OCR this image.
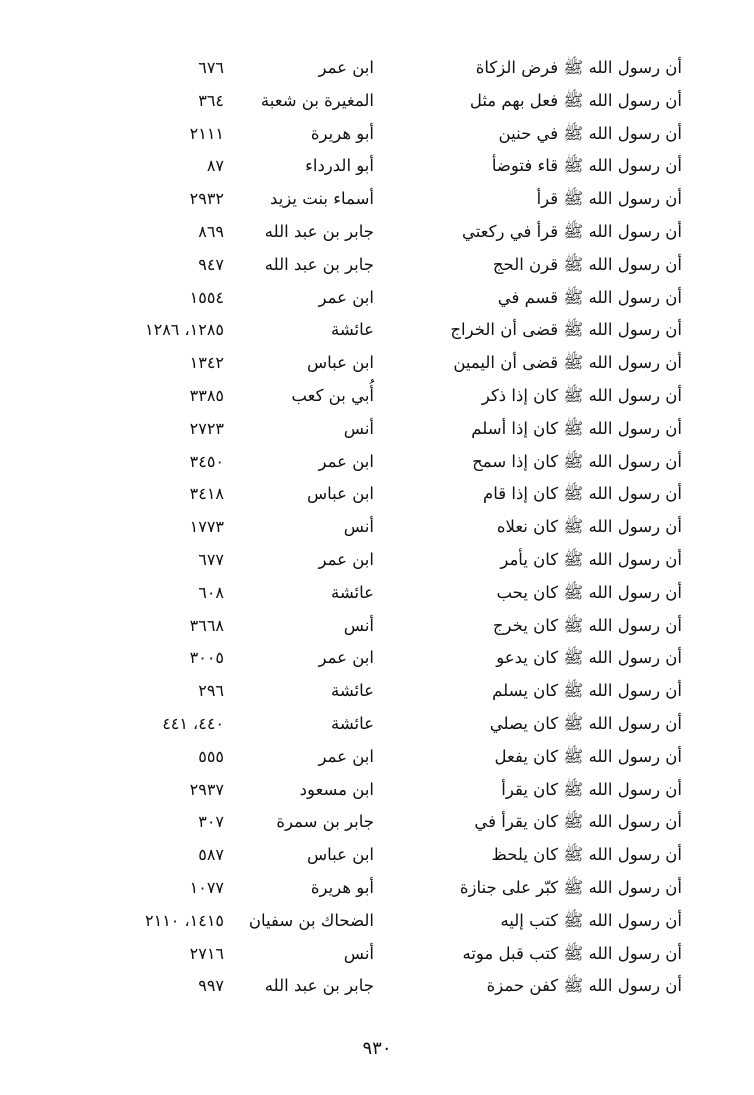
أن رسول الله ﷺ فرض الزكاة
ابن عمر
٦٧٦
أن رسول الله ﷺ فعل بهم مثل
المغيرة بن شعبة
٣٦٤
أن رسول الله ﷺ في حنين
أبو هريرة
٢١١١
أن رسول الله ﷺ قاء فتوضأ
أبو الدرداء
٨٧
أن رسول الله ﷺ قرأ
أسماء بنت يزيد
٢٩٣٢
أن رسول الله ﷺ قرأ في ركعتي
جابر بن عبد الله
٨٦٩
أن رسول الله ﷺ قرن الحج
جابر بن عبد الله
٩٤٧
أن رسول الله ﷺ قسم في
ابن عمر
١٥٥٤
أن رسول الله ﷺ قضى أن الخراج
عائشة
١٢٨٥، ١٢٨٦
أن رسول الله ﷺ قضى أن اليمين
ابن عباس
١٣٤٢
أن رسول الله ﷺ كان إذا ذكر
أُبي بن كعب
٣٣٨٥
أن رسول الله ﷺ كان إذا أسلم
أنس
٢٧٢٣
أن رسول الله ﷺ كان إذا سمح
ابن عمر
٣٤٥٠
أن رسول الله ﷺ كان إذا قام
ابن عباس
٣٤١٨
أن رسول الله ﷺ كان نعلاه
أنس
١٧٧٣
أن رسول الله ﷺ كان يأمر
ابن عمر
٦٧٧
أن رسول الله ﷺ كان يحب
عائشة
٦٠٨
أن رسول الله ﷺ كان يخرج
أنس
٣٦٦٨
أن رسول الله ﷺ كان يدعو
ابن عمر
٣٠٠٥
أن رسول الله ﷺ كان يسلم
عائشة
٢٩٦
أن رسول الله ﷺ كان يصلي
عائشة
٤٤٠، ٤٤١
أن رسول الله ﷺ كان يفعل
ابن عمر
٥٥٥
أن رسول الله ﷺ كان يقرأ
ابن مسعود
٢٩٣٧
أن رسول الله ﷺ كان يقرأ في
جابر بن سمرة
٣٠٧
أن رسول الله ﷺ كان يلحظ
ابن عباس
٥٨٧
أن رسول الله ﷺ كبّر على جنازة
أبو هريرة
١٠٧٧
أن رسول الله ﷺ كتب إليه
الضحاك بن سفيان
١٤١٥، ٢١١٠
أن رسول الله ﷺ كتب قبل موته
أنس
٢٧١٦
أن رسول الله ﷺ كفن حمزة
جابر بن عبد الله
٩٩٧
٩٣٠
